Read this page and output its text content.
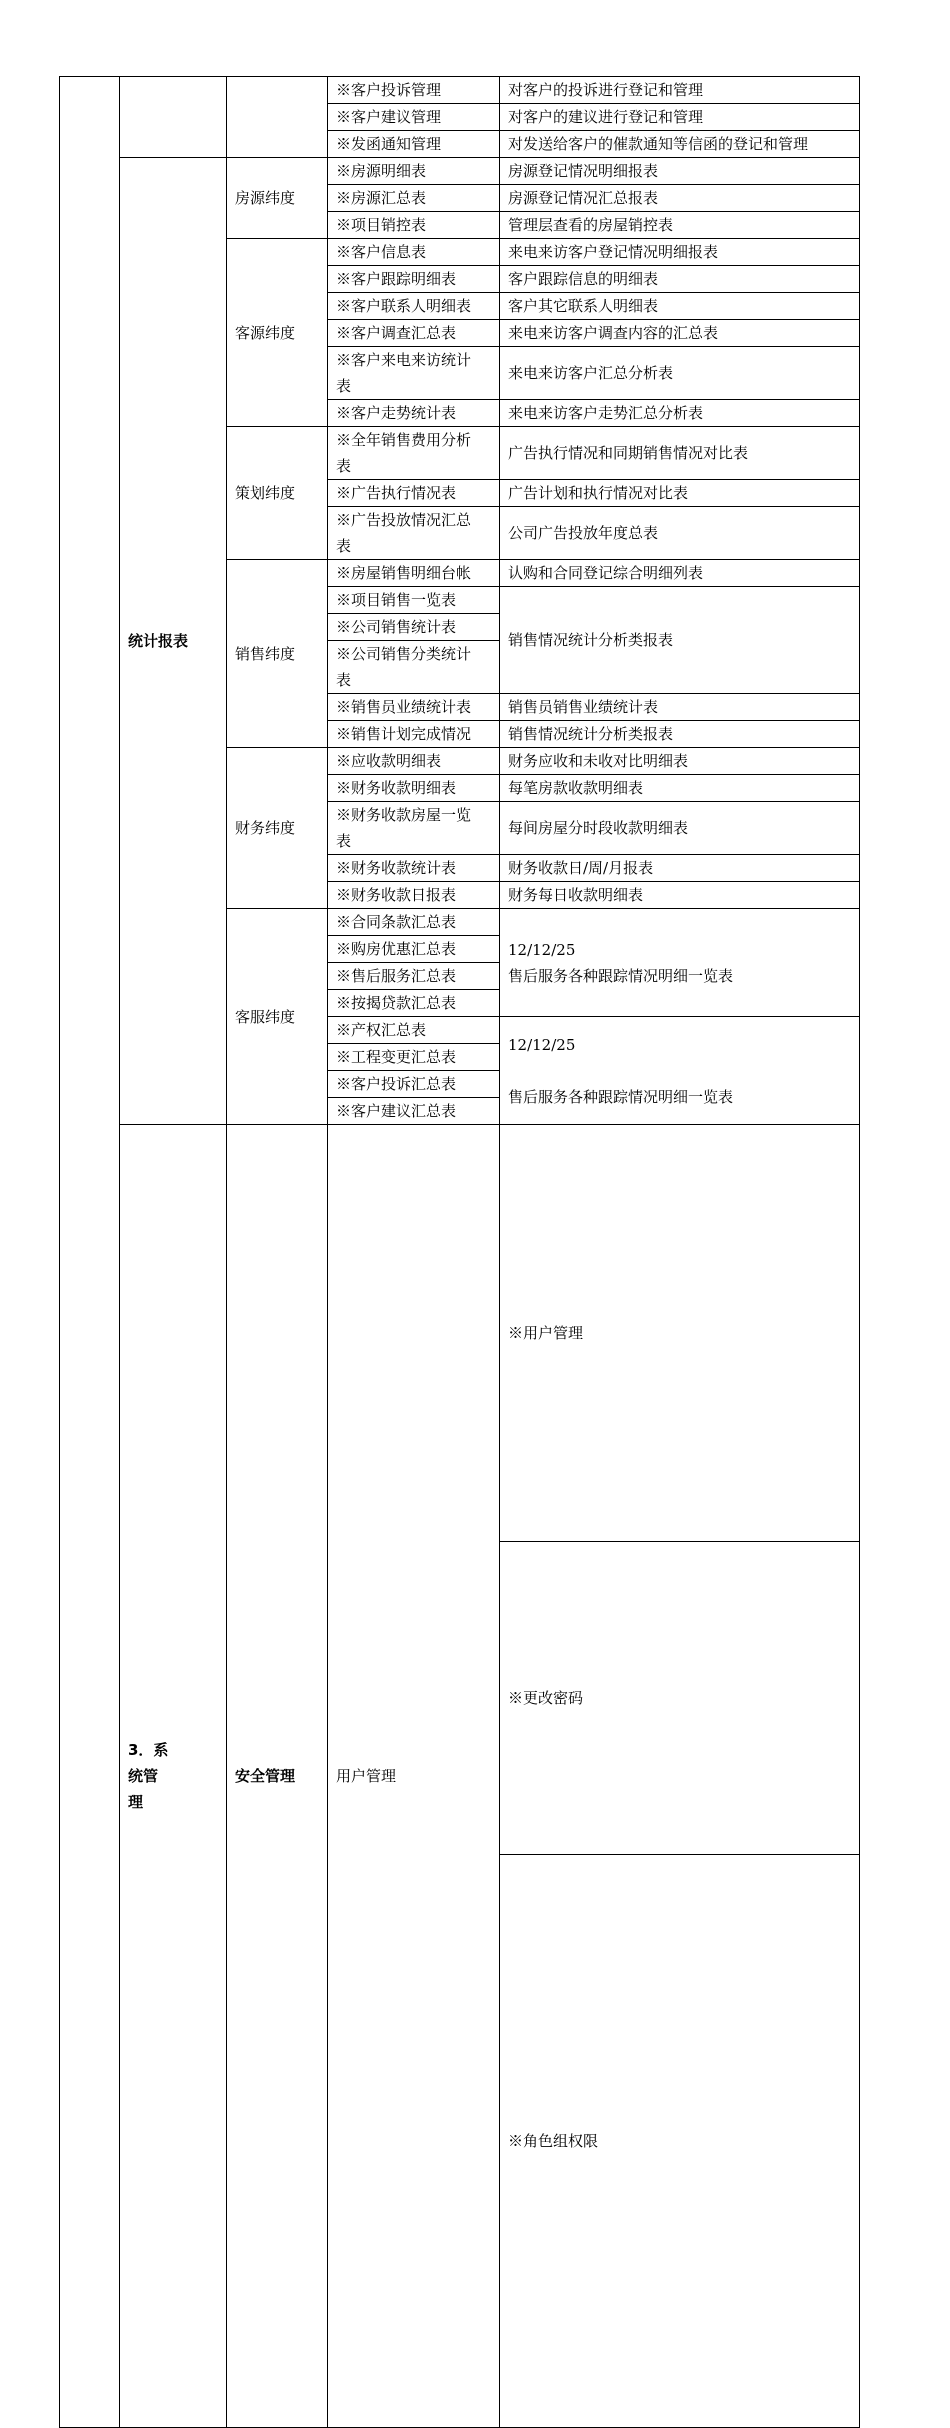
			※客户投诉管理	对客户的投诉进行登记和管理	
			※客户建议管理	对客户的建议进行登记和管理	
			※发函通知管理	对发送给客户的催款通知等信函的登记和管理	
	统计报表	房源纬度	※房源明细表	房源登记情况明细报表	
			※房源汇总表	房源登记情况汇总报表	
			※项目销控表	管理层查看的房屋销控表	
		客源纬度	※客户信息表	来电来访客户登记情况明细报表	
			※客户跟踪明细表	客户跟踪信息的明细表	
			※客户联系人明细表	客户其它联系人明细表	
			※客户调查汇总表	来电来访客户调查内容的汇总表	

			※客户来电来访统计
表	来电来访客户汇总分析表	
			※客户走势统计表	来电来访客户走势汇总分析表	
		策划纬度	※全年销售费用分析
表	广告执行情况和同期销售情况对比表	
			※广告执行情况表	广告计划和执行情况对比表	

			※广告投放情况汇总
表	公司广告投放年度总表	
		销售纬度	※房屋销售明细台帐	认购和合同登记综合明细列表	
			※项目销售一览表	销售情况统计分析类报表	
			※公司销售统计表		

			※公司销售分类统计
表		

			※销售员业绩统计表	销售员销售业绩统计表	
			※销售计划完成情况	销售情况统计分析类报表	
		财务纬度	※应收款明细表	财务应收和未收对比明细表	
			※财务收款明细表	每笔房款收款明细表	

			※财务收款房屋一览
表	每间房屋分时段收款明细表	
			※财务收款统计表	财务收款日/周/月报表	
			※财务收款日报表	财务每日收款明细表	
		客服纬度	※合同条款汇总表	12/12/25
售后服务各种跟踪情况明细一览表	

			※购房优惠汇总表		
			※售后服务汇总表		
			※按揭贷款汇总表		
			※产权汇总表	12/12/25
售后服务各种跟踪情况明细一览表	

			※工程变更汇总表		
			※客户投诉汇总表		
			※客户建议汇总表		

	3．系
统管
理	安全管理	用户管理	※用户管理	
				※更改密码	
				※角色组权限	
